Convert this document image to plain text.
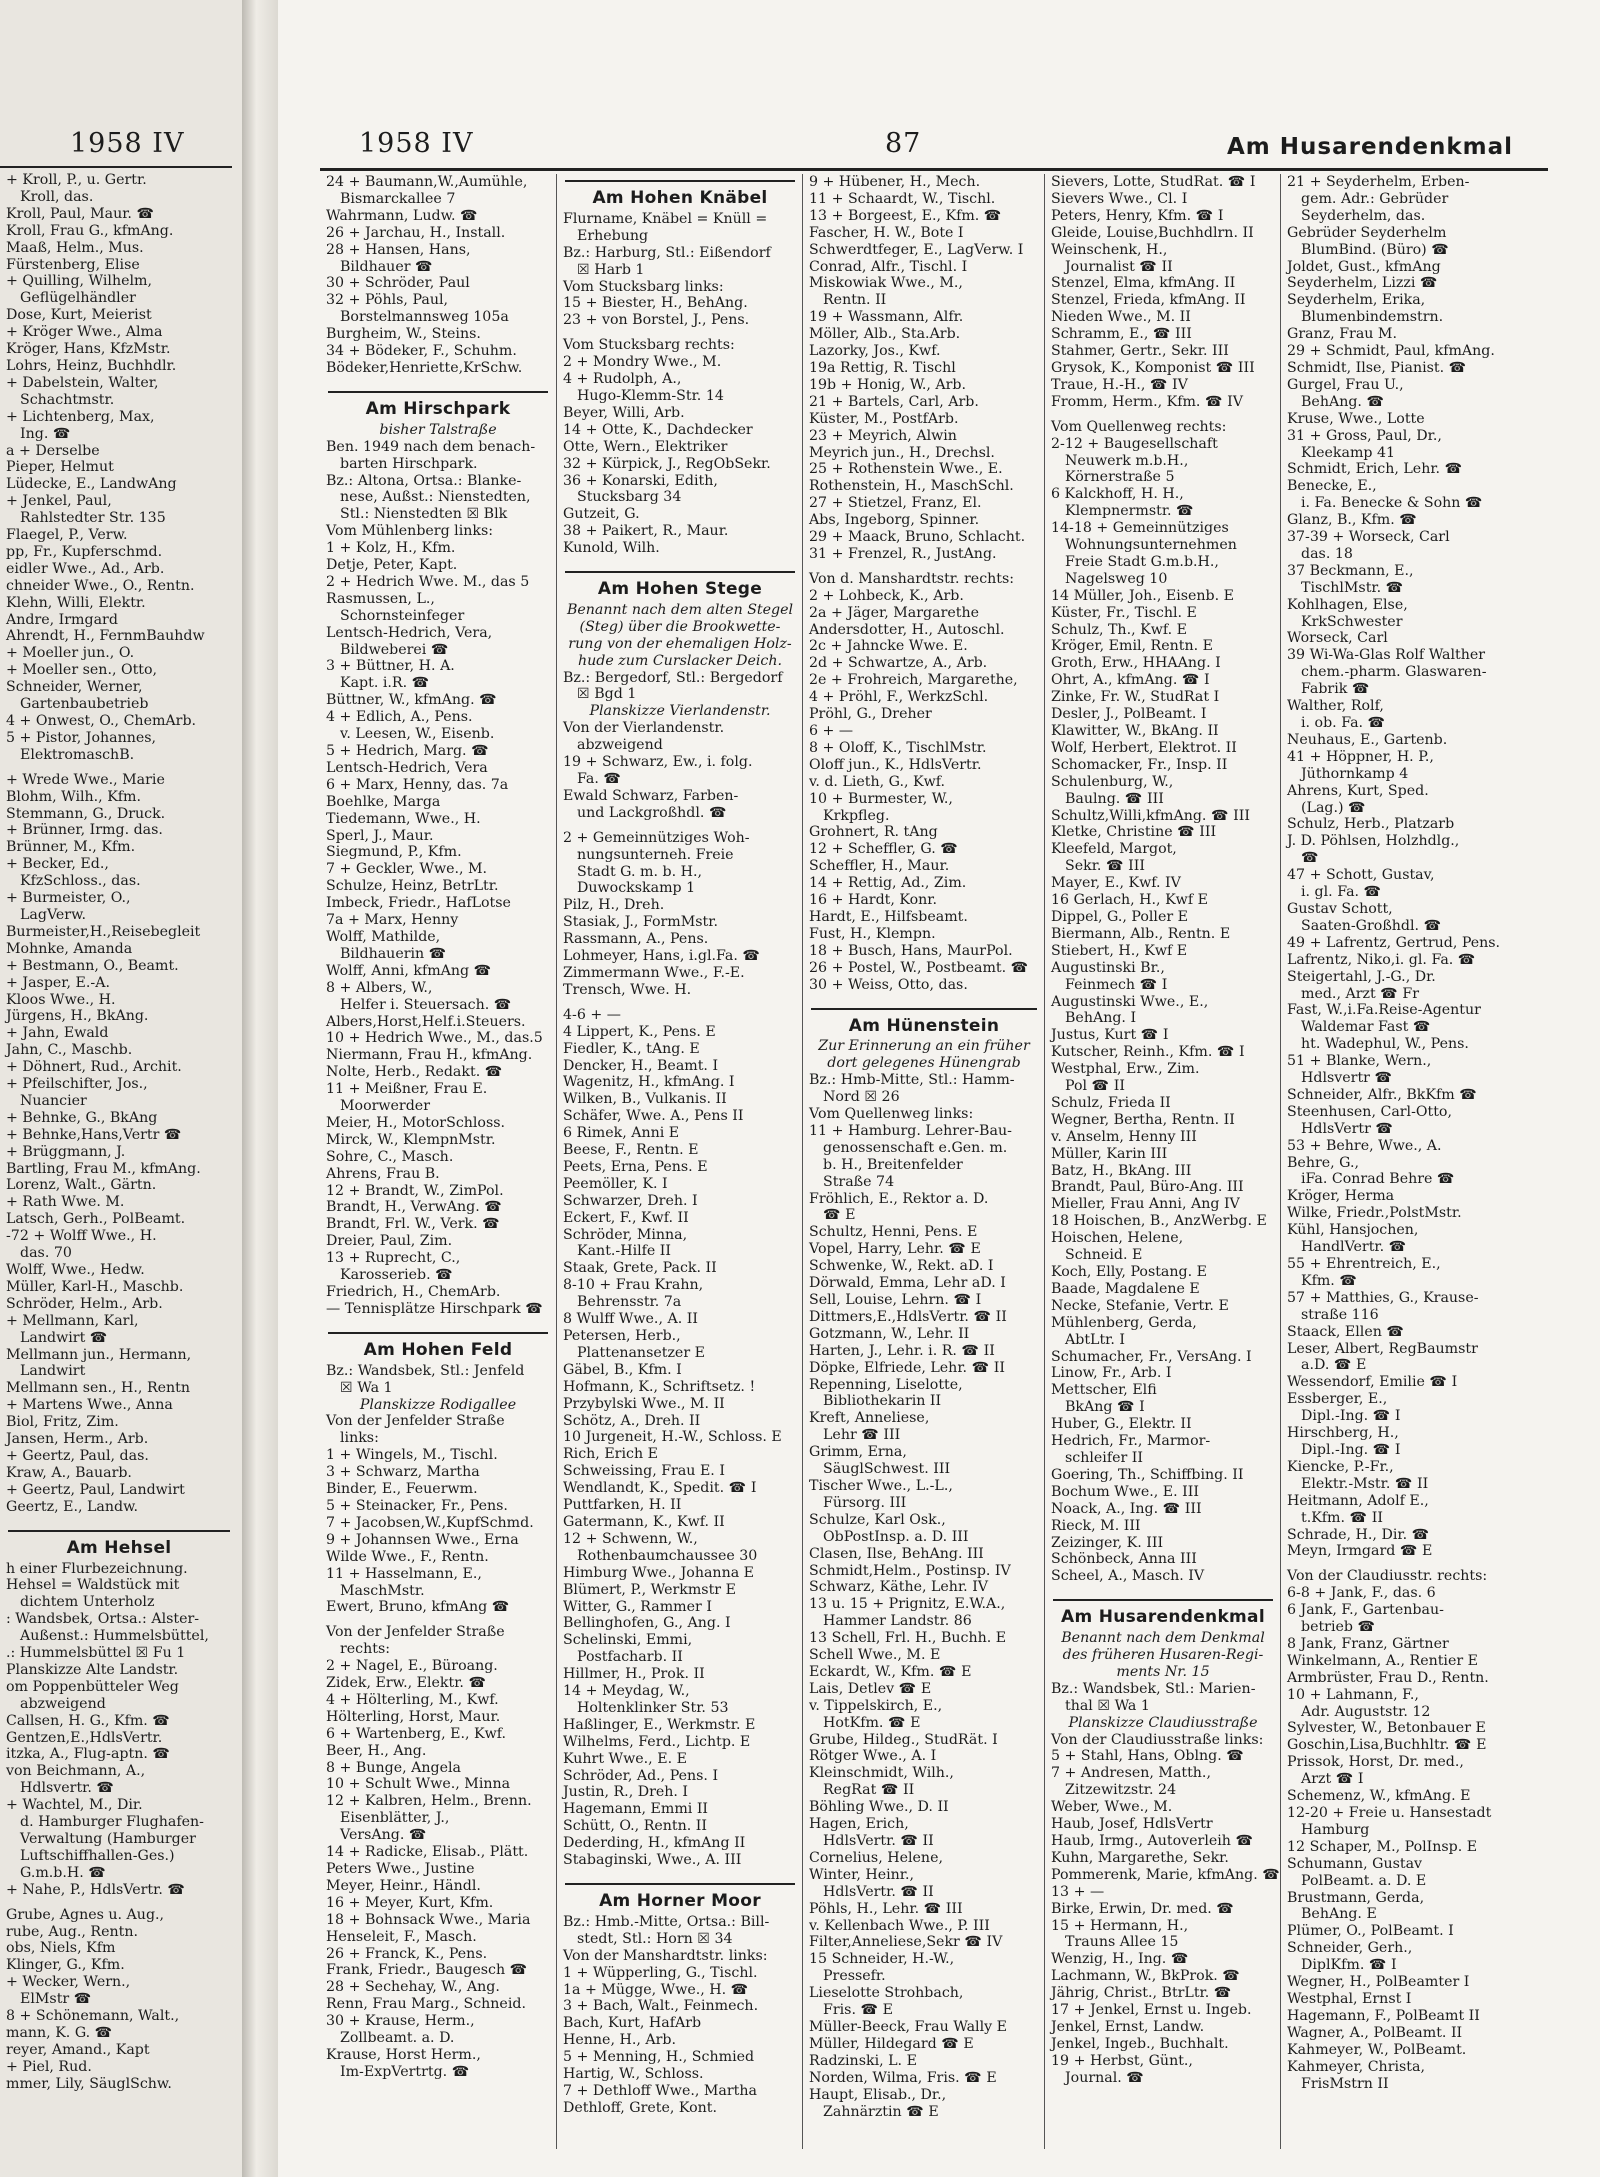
1958 IV
+ Kroll, P., u. Gertr.
Kroll, das.
Kroll, Paul, Maur. ☎
Kroll, Frau G., kfmAng.
Maaß, Helm., Mus.
Fürstenberg, Elise
+ Quilling, Wilhelm,
Geflügelhändler
Dose, Kurt, Meierist
+ Kröger Wwe., Alma
Kröger, Hans, KfzMstr.
Lohrs, Heinz, Buchhdlr.
+ Dabelstein, Walter,
Schachtmstr.
+ Lichtenberg, Max,
Ing. ☎
a + Derselbe
Pieper, Helmut
Lüdecke, E., LandwAng
+ Jenkel, Paul,
Rahlstedter Str. 135
Flaegel, P., Verw.
pp, Fr., Kupferschmd.
eidler Wwe., Ad., Arb.
chneider Wwe., O., Rentn.
Klehn, Willi, Elektr.
Andre, Irmgard
Ahrendt, H., FernmBauhdw
+ Moeller jun., O.
+ Moeller sen., Otto,
Schneider, Werner,
Gartenbaubetrieb
4 + Onwest, O., ChemArb.
5 + Pistor, Johannes,
ElektromaschB.
+ Wrede Wwe., Marie
Blohm, Wilh., Kfm.
Stemmann, G., Druck.
+ Brünner, Irmg. das.
Brünner, M., Kfm.
+ Becker, Ed.,
KfzSchloss., das.
+ Burmeister, O.,
LagVerw.
Burmeister,H.,Reisebegleit
Mohnke, Amanda
+ Bestmann, O., Beamt.
+ Jasper, E.-A.
Kloos Wwe., H.
Jürgens, H., BkAng.
+ Jahn, Ewald
Jahn, C., Maschb.
+ Döhnert, Rud., Archit.
+ Pfeilschifter, Jos.,
Nuancier
+ Behnke, G., BkAng
+ Behnke,Hans,Vertr ☎
+ Brüggmann, J.
Bartling, Frau M., kfmAng.
Lorenz, Walt., Gärtn.
+ Rath Wwe. M.
Latsch, Gerh., PolBeamt.
-72 + Wolff Wwe., H.
das. 70
Wolff, Wwe., Hedw.
Müller, Karl-H., Maschb.
Schröder, Helm., Arb.
+ Mellmann, Karl,
Landwirt ☎
Mellmann jun., Hermann,
Landwirt
Mellmann sen., H., Rentn
+ Martens Wwe., Anna
Biol, Fritz, Zim.
Jansen, Herm., Arb.
+ Geertz, Paul, das.
Kraw, A., Bauarb.
+ Geertz, Paul, Landwirt
Geertz, E., Landw.
Am Hehsel
h einer Flurbezeichnung.
Hehsel = Waldstück mit
dichtem Unterholz
: Wandsbek, Ortsa.: Alster-
Außenst.: Hummelsbüttel,
.: Hummelsbüttel ☒ Fu 1
Planskizze Alte Landstr.
om Poppenbütteler Weg
abzweigend
Callsen, H. G., Kfm. ☎
Gentzen,E.,HdlsVertr.
itzka, A., Flug-aptn. ☎
von Beichmann, A.,
Hdlsvertr. ☎
+ Wachtel, M., Dir.
d. Hamburger Flughafen-
Verwaltung (Hamburger
Luftschiffhallen-Ges.)
G.m.b.H. ☎
+ Nahe, P., HdlsVertr. ☎
Grube, Agnes u. Aug.,
rube, Aug., Rentn.
obs, Niels, Kfm
Klinger, G., Kfm.
+ Wecker, Wern.,
ElMstr ☎
8 + Schönemann, Walt.,
mann, K. G. ☎
reyer, Amand., Kapt
+ Piel, Rud.
mmer, Lily, SäuglSchw.
1958 IV	87	Am Husarendenkmal
24 + Baumann,W.,Aumühle,
Bismarckallee 7
Wahrmann, Ludw. ☎
26 + Jarchau, H., Install.
28 + Hansen, Hans,
Bildhauer ☎
30 + Schröder, Paul
32 + Pöhls, Paul,
Borstelmannsweg 105a
Burgheim, W., Steins.
34 + Bödeker, F., Schuhm.
Bödeker,Henriette,KrSchw.
Am Hirschpark
bisher Talstraße
Ben. 1949 nach dem benach-
barten Hirschpark.
Bz.: Altona, Ortsa.: Blanke-
nese, Außst.: Nienstedten,
Stl.: Nienstedten ☒ Blk
Vom Mühlenberg links:
1 + Kolz, H., Kfm.
Detje, Peter, Kapt.
2 + Hedrich Wwe. M., das 5
Rasmussen, L.,
Schornsteinfeger
Lentsch-Hedrich, Vera,
Bildweberei ☎
3 + Büttner, H. A.
Kapt. i.R. ☎
Büttner, W., kfmAng. ☎
4 + Edlich, A., Pens.
v. Leesen, W., Eisenb.
5 + Hedrich, Marg. ☎
Lentsch-Hedrich, Vera
6 + Marx, Henny, das. 7a
Boehlke, Marga
Tiedemann, Wwe., H.
Sperl, J., Maur.
Siegmund, P., Kfm.
7 + Geckler, Wwe., M.
Schulze, Heinz, BetrLtr.
Imbeck, Friedr., HafLotse
7a + Marx, Henny
Wolff, Mathilde,
Bildhauerin ☎
Wolff, Anni, kfmAng ☎
8 + Albers, W.,
Helfer i. Steuersach. ☎
Albers,Horst,Helf.i.Steuers.
10 + Hedrich Wwe., M., das.5
Niermann, Frau H., kfmAng.
Nolte, Herb., Redakt. ☎
11 + Meißner, Frau E.
Moorwerder
Meier, H., MotorSchloss.
Mirck, W., KlempnMstr.
Sohre, C., Masch.
Ahrens, Frau B.
12 + Brandt, W., ZimPol.
Brandt, H., VerwAng. ☎
Brandt, Frl. W., Verk. ☎
Dreier, Paul, Zim.
13 + Ruprecht, C.,
Karosserieb. ☎
Friedrich, H., ChemArb.
— Tennisplätze Hirschpark ☎
Am Hohen Feld
Bz.: Wandsbek, Stl.: Jenfeld
☒ Wa 1
Planskizze Rodigallee
Von der Jenfelder Straße
links:
1 + Wingels, M., Tischl.
3 + Schwarz, Martha
Binder, E., Feuerwm.
5 + Steinacker, Fr., Pens.
7 + Jacobsen,W.,KupfSchmd.
9 + Johannsen Wwe., Erna
Wilde Wwe., F., Rentn.
11 + Hasselmann, E.,
MaschMstr.
Ewert, Bruno, kfmAng ☎
Von der Jenfelder Straße
rechts:
2 + Nagel, E., Büroang.
Zidek, Erw., Elektr. ☎
4 + Hölterling, M., Kwf.
Hölterling, Horst, Maur.
6 + Wartenberg, E., Kwf.
Beer, H., Ang.
8 + Bunge, Angela
10 + Schult Wwe., Minna
12 + Kalbren, Helm., Brenn.
Eisenblätter, J.,
VersAng. ☎
14 + Radicke, Elisab., Plätt.
Peters Wwe., Justine
Meyer, Heinr., Händl.
16 + Meyer, Kurt, Kfm.
18 + Bohnsack Wwe., Maria
Henseleit, F., Masch.
26 + Franck, K., Pens.
Frank, Friedr., Baugesch ☎
28 + Sechehay, W., Ang.
Renn, Frau Marg., Schneid.
30 + Krause, Herm.,
Zollbeamt. a. D.
Krause, Horst Herm.,
Im-ExpVertrtg. ☎
Am Hohen Knäbel
Flurname, Knäbel = Knüll =
Erhebung
Bz.: Harburg, Stl.: Eißendorf
☒ Harb 1
Vom Stucksbarg links:
15 + Biester, H., BehAng.
23 + von Borstel, J., Pens.
Vom Stucksbarg rechts:
2 + Mondry Wwe., M.
4 + Rudolph, A.,
Hugo-Klemm-Str. 14
Beyer, Willi, Arb.
14 + Otte, K., Dachdecker
Otte, Wern., Elektriker
32 + Kürpick, J., RegObSekr.
36 + Konarski, Edith,
Stucksbarg 34
Gutzeit, G.
38 + Paikert, R., Maur.
Kunold, Wilh.
Am Hohen Stege
Benannt nach dem alten Stegel
(Steg) über die Brookwette-
rung von der ehemaligen Holz-
hude zum Curslacker Deich.
Bz.: Bergedorf, Stl.: Bergedorf
☒ Bgd 1
Planskizze Vierlandenstr.
Von der Vierlandenstr.
abzweigend
19 + Schwarz, Ew., i. folg.
Fa. ☎
Ewald Schwarz, Farben-
und Lackgroßhdl. ☎
2 + Gemeinnütziges Woh-
nungsunterneh. Freie
Stadt G. m. b. H.,
Duwockskamp 1
Pilz, H., Dreh.
Stasiak, J., FormMstr.
Rassmann, A., Pens.
Lohmeyer, Hans, i.gl.Fa. ☎
Zimmermann Wwe., F.-E.
Trensch, Wwe. H.
4-6 + —
4 Lippert, K., Pens. E
Fiedler, K., tAng. E
Dencker, H., Beamt. I
Wagenitz, H., kfmAng. I
Wilken, B., Vulkanis. II
Schäfer, Wwe. A., Pens II
6 Rimek, Anni E
Beese, F., Rentn. E
Peets, Erna, Pens. E
Peemöller, K. I
Schwarzer, Dreh. I
Eckert, F., Kwf. II
Schröder, Minna,
Kant.-Hilfe II
Staak, Grete, Pack. II
8-10 + Frau Krahn,
Behrensstr. 7a
8 Wulff Wwe., A. II
Petersen, Herb.,
Plattenansetzer E
Gäbel, B., Kfm. I
Hofmann, K., Schriftsetz. !
Przybylski Wwe., M. II
Schötz, A., Dreh. II
10 Jurgeneit, H.-W., Schloss. E
Rich, Erich E
Schweissing, Frau E. I
Wendlandt, K., Spedit. ☎ I
Puttfarken, H. II
Gatermann, K., Kwf. II
12 + Schwenn, W.,
Rothenbaumchaussee 30
Himburg Wwe., Johanna E
Blümert, P., Werkmstr E
Witter, G., Rammer I
Bellinghofen, G., Ang. I
Schelinski, Emmi,
Postfacharb. II
Hillmer, H., Prok. II
14 + Meydag, W.,
Holtenklinker Str. 53
Haßlinger, E., Werkmstr. E
Wilhelms, Ferd., Lichtp. E
Kuhrt Wwe., E. E
Schröder, Ad., Pens. I
Justin, R., Dreh. I
Hagemann, Emmi II
Schütt, O., Rentn. II
Dederding, H., kfmAng II
Stabaginski, Wwe., A. III
Am Horner Moor
Bz.: Hmb.-Mitte, Ortsa.: Bill-
stedt, Stl.: Horn ☒ 34
Von der Manshardtstr. links:
1 + Wüpperling, G., Tischl.
1a + Mügge, Wwe., H. ☎
3 + Bach, Walt., Feinmech.
Bach, Kurt, HafArb
Henne, H., Arb.
5 + Menning, H., Schmied
Hartig, W., Schloss.
7 + Dethloff Wwe., Martha
Dethloff, Grete, Kont.
9 + Hübener, H., Mech.
11 + Schaardt, W., Tischl.
13 + Borgeest, E., Kfm. ☎
Fascher, H. W., Bote I
Schwerdtfeger, E., LagVerw. I
Conrad, Alfr., Tischl. I
Miskowiak Wwe., M.,
Rentn. II
19 + Wassmann, Alfr.
Möller, Alb., Sta.Arb.
Lazorky, Jos., Kwf.
19a Rettig, R. Tischl
19b + Honig, W., Arb.
21 + Bartels, Carl, Arb.
Küster, M., PostfArb.
23 + Meyrich, Alwin
Meyrich jun., H., Drechsl.
25 + Rothenstein Wwe., E.
Rothenstein, H., MaschSchl.
27 + Stietzel, Franz, El.
Abs, Ingeborg, Spinner.
29 + Maack, Bruno, Schlacht.
31 + Frenzel, R., JustAng.
Von d. Manshardtstr. rechts:
2 + Lohbeck, K., Arb.
2a + Jäger, Margarethe
Andersdotter, H., Autoschl.
2c + Jahncke Wwe. E.
2d + Schwartze, A., Arb.
2e + Frohreich, Margarethe,
4 + Pröhl, F., WerkzSchl.
Pröhl, G., Dreher
6 + —
8 + Oloff, K., TischlMstr.
Oloff jun., K., HdlsVertr.
v. d. Lieth, G., Kwf.
10 + Burmester, W.,
Krkpfleg.
Grohnert, R. tAng
12 + Scheffler, G. ☎
Scheffler, H., Maur.
14 + Rettig, Ad., Zim.
16 + Hardt, Konr.
Hardt, E., Hilfsbeamt.
Fust, H., Klempn.
18 + Busch, Hans, MaurPol.
26 + Postel, W., Postbeamt. ☎
30 + Weiss, Otto, das.
Am Hünenstein
Zur Erinnerung an ein früher
dort gelegenes Hünengrab
Bz.: Hmb-Mitte, Stl.: Hamm-
Nord ☒ 26
Vom Quellenweg links:
11 + Hamburg. Lehrer-Bau-
genossenschaft e.Gen. m.
b. H., Breitenfelder
Straße 74
Fröhlich, E., Rektor a. D.
☎ E
Schultz, Henni, Pens. E
Vopel, Harry, Lehr. ☎ E
Schwenke, W., Rekt. aD. I
Dörwald, Emma, Lehr aD. I
Sell, Louise, Lehrn. ☎ I
Dittmers,E.,HdlsVertr. ☎ II
Gotzmann, W., Lehr. II
Harten, J., Lehr. i. R. ☎ II
Döpke, Elfriede, Lehr. ☎ II
Repenning, Liselotte,
Bibliothekarin II
Kreft, Anneliese,
Lehr ☎ III
Grimm, Erna,
SäuglSchwest. III
Tischer Wwe., L.-L.,
Fürsorg. III
Schulze, Karl Osk.,
ObPostInsp. a. D. III
Clasen, Ilse, BehAng. III
Schmidt,Helm., Postinsp. IV
Schwarz, Käthe, Lehr. IV
13 u. 15 + Prignitz, E.W.A.,
Hammer Landstr. 86
13 Schell, Frl. H., Buchh. E
Schell Wwe., M. E
Eckardt, W., Kfm. ☎ E
Lais, Detlev ☎ E
v. Tippelskirch, E.,
HotKfm. ☎ E
Grube, Hildeg., StudRät. I
Rötger Wwe., A. I
Kleinschmidt, Wilh.,
RegRat ☎ II
Böhling Wwe., D. II
Hagen, Erich,
HdlsVertr. ☎ II
Cornelius, Helene,
Winter, Heinr.,
HdlsVertr. ☎ II
Pöhls, H., Lehr. ☎ III
v. Kellenbach Wwe., P. III
Filter,Anneliese,Sekr ☎ IV
15 Schneider, H.-W.,
Pressefr.
Lieselotte Strohbach,
Fris. ☎ E
Müller-Beeck, Frau Wally E
Müller, Hildegard ☎ E
Radzinski, L. E
Norden, Wilma, Fris. ☎ E
Haupt, Elisab., Dr.,
Zahnärztin ☎ E
Sievers, Lotte, StudRat. ☎ I
Sievers Wwe., Cl. I
Peters, Henry, Kfm. ☎ I
Gleide, Louise,Buchhdlrn. II
Weinschenk, H.,
Journalist ☎ II
Stenzel, Elma, kfmAng. II
Stenzel, Frieda, kfmAng. II
Nieden Wwe., M. II
Schramm, E., ☎ III
Stahmer, Gertr., Sekr. III
Grysok, K., Komponist ☎ III
Traue, H.-H., ☎ IV
Fromm, Herm., Kfm. ☎ IV
Vom Quellenweg rechts:
2-12 + Baugesellschaft
Neuwerk m.b.H.,
Körnerstraße 5
6 Kalckhoff, H. H.,
Klempnermstr. ☎
14-18 + Gemeinnütziges
Wohnungsunternehmen
Freie Stadt G.m.b.H.,
Nagelsweg 10
14 Müller, Joh., Eisenb. E
Küster, Fr., Tischl. E
Schulz, Th., Kwf. E
Kröger, Emil, Rentn. E
Groth, Erw., HHAAng. I
Ohrt, A., kfmAng. ☎ I
Zinke, Fr. W., StudRat I
Desler, J., PolBeamt. I
Klawitter, W., BkAng. II
Wolf, Herbert, Elektrot. II
Schomacker, Fr., Insp. II
Schulenburg, W.,
Baulng. ☎ III
Schultz,Willi,kfmAng. ☎ III
Kletke, Christine ☎ III
Kleefeld, Margot,
Sekr. ☎ III
Mayer, E., Kwf. IV
16 Gerlach, H., Kwf E
Dippel, G., Poller E
Biermann, Alb., Rentn. E
Stiebert, H., Kwf E
Augustinski Br.,
Feinmech ☎ I
Augustinski Wwe., E.,
BehAng. I
Justus, Kurt ☎ I
Kutscher, Reinh., Kfm. ☎ I
Westphal, Erw., Zim.
Pol ☎ II
Schulz, Frieda II
Wegner, Bertha, Rentn. II
v. Anselm, Henny III
Müller, Karin III
Batz, H., BkAng. III
Brandt, Paul, Büro-Ang. III
Mieller, Frau Anni, Ang IV
18 Hoischen, B., AnzWerbg. E
Hoischen, Helene,
Schneid. E
Koch, Elly, Postang. E
Baade, Magdalene E
Necke, Stefanie, Vertr. E
Mühlenberg, Gerda,
AbtLtr. I
Schumacher, Fr., VersAng. I
Linow, Fr., Arb. I
Mettscher, Elfi
BkAng ☎ I
Huber, G., Elektr. II
Hedrich, Fr., Marmor-
schleifer II
Goering, Th., Schiffbing. II
Bochum Wwe., E. III
Noack, A., Ing. ☎ III
Rieck, M. III
Zeizinger, K. III
Schönbeck, Anna III
Scheel, A., Masch. IV
Am Husarendenkmal
Benannt nach dem Denkmal
des früheren Husaren-Regi-
ments Nr. 15
Bz.: Wandsbek, Stl.: Marien-
thal ☒ Wa 1
Planskizze Claudiusstraße
Von der Claudiusstraße links:
5 + Stahl, Hans, Oblng. ☎
7 + Andresen, Matth.,
Zitzewitzstr. 24
Weber, Wwe., M.
Haub, Josef, HdlsVertr
Haub, Irmg., Autoverleih ☎
Kuhn, Margarethe, Sekr.
Pommerenk, Marie, kfmAng. ☎
13 + —
Birke, Erwin, Dr. med. ☎
15 + Hermann, H.,
Trauns Allee 15
Wenzig, H., Ing. ☎
Lachmann, W., BkProk. ☎
Jährig, Christ., BtrLtr. ☎
17 + Jenkel, Ernst u. Ingeb.
Jenkel, Ernst, Landw.
Jenkel, Ingeb., Buchhalt.
19 + Herbst, Günt.,
Journal. ☎
21 + Seyderhelm, Erben-
gem. Adr.: Gebrüder
Seyderhelm, das.
Gebrüder Seyderhelm
BlumBind. (Büro) ☎
Joldet, Gust., kfmAng
Seyderhelm, Lizzi ☎
Seyderhelm, Erika,
Blumenbindemstrn.
Granz, Frau M.
29 + Schmidt, Paul, kfmAng.
Schmidt, Ilse, Pianist. ☎
Gurgel, Frau U.,
BehAng. ☎
Kruse, Wwe., Lotte
31 + Gross, Paul, Dr.,
Kleekamp 41
Schmidt, Erich, Lehr. ☎
Benecke, E.,
i. Fa. Benecke & Sohn ☎
Glanz, B., Kfm. ☎
37-39 + Worseck, Carl
das. 18
37 Beckmann, E.,
TischlMstr. ☎
Kohlhagen, Else,
KrkSchwester
Worseck, Carl
39 Wi-Wa-Glas Rolf Walther
chem.-pharm. Glaswaren-
Fabrik ☎
Walther, Rolf,
i. ob. Fa. ☎
Neuhaus, E., Gartenb.
41 + Höppner, H. P.,
Jüthornkamp 4
Ahrens, Kurt, Sped.
(Lag.) ☎
Schulz, Herb., Platzarb
J. D. Pöhlsen, Holzhdlg.,
☎
47 + Schott, Gustav,
i. gl. Fa. ☎
Gustav Schott,
Saaten-Großhdl. ☎
49 + Lafrentz, Gertrud, Pens.
Lafrentz, Niko,i. gl. Fa. ☎
Steigertahl, J.-G., Dr.
med., Arzt ☎ Fr
Fast, W.,i.Fa.Reise-Agentur
Waldemar Fast ☎
ht. Wadephul, W., Pens.
51 + Blanke, Wern.,
Hdlsvertr ☎
Schneider, Alfr., BkKfm ☎
Steenhusen, Carl-Otto,
HdlsVertr ☎
53 + Behre, Wwe., A.
Behre, G.,
iFa. Conrad Behre ☎
Kröger, Herma
Wilke, Friedr.,PolstMstr.
Kühl, Hansjochen,
HandlVertr. ☎
55 + Ehrentreich, E.,
Kfm. ☎
57 + Matthies, G., Krause-
straße 116
Staack, Ellen ☎
Leser, Albert, RegBaumstr
a.D. ☎ E
Wessendorf, Emilie ☎ I
Essberger, E.,
Dipl.-Ing. ☎ I
Hirschberg, H.,
Dipl.-Ing. ☎ I
Kiencke, P.-Fr.,
Elektr.-Mstr. ☎ II
Heitmann, Adolf E.,
t.Kfm. ☎ II
Schrade, H., Dir. ☎
Meyn, Irmgard ☎ E
Von der Claudiusstr. rechts:
6-8 + Jank, F., das. 6
6 Jank, F., Gartenbau-
betrieb ☎
8 Jank, Franz, Gärtner
Winkelmann, A., Rentier E
Armbrüster, Frau D., Rentn.
10 + Lahmann, F.,
Adr. Auguststr. 12
Sylvester, W., Betonbauer E
Goschin,Lisa,Buchhltr. ☎ E
Prissok, Horst, Dr. med.,
Arzt ☎ I
Schemenz, W., kfmAng. E
12-20 + Freie u. Hansestadt
Hamburg
12 Schaper, M., PolInsp. E
Schumann, Gustav
PolBeamt. a. D. E
Brustmann, Gerda,
BehAng. E
Plümer, O., PolBeamt. I
Schneider, Gerh.,
DiplKfm. ☎ I
Wegner, H., PolBeamter I
Westphal, Ernst I
Hagemann, F., PolBeamt II
Wagner, A., PolBeamt. II
Kahmeyer, W., PolBeamt.
Kahmeyer, Christa,
FrisMstrn II
